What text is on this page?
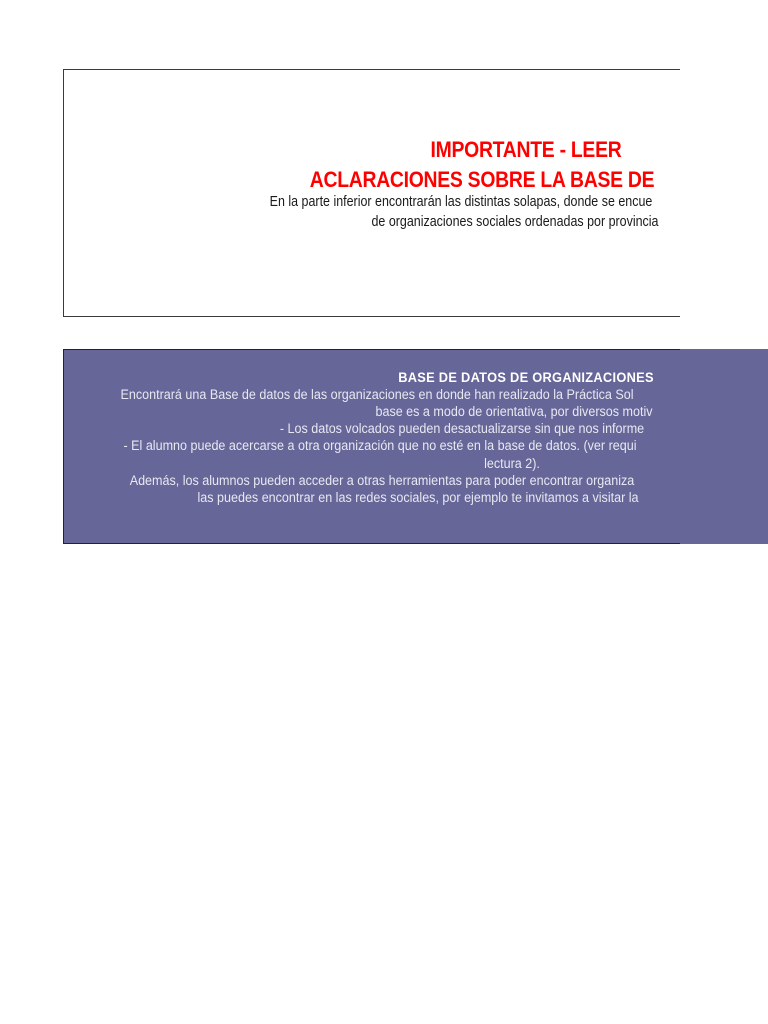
IMPORTANTE - LEER
ACLARACIONES SOBRE LA BASE DE
En la parte inferior encontrarán las distintas solapas, donde se encue
de organizaciones sociales ordenadas por provincia
BASE DE DATOS DE ORGANIZACIONES
Encontrará una Base de datos de las organizaciones en donde han realizado la Práctica Sol
base es a modo de orientativa, por diversos motiv
- Los datos volcados pueden desactualizarse sin que nos informe
- El alumno puede acercarse a otra organización que no esté en la base de datos. (ver requi
lectura 2).
Además, los alumnos pueden acceder a otras herramientas para poder encontrar organiza
las puedes encontrar en las redes sociales, por ejemplo te invitamos a visitar la
